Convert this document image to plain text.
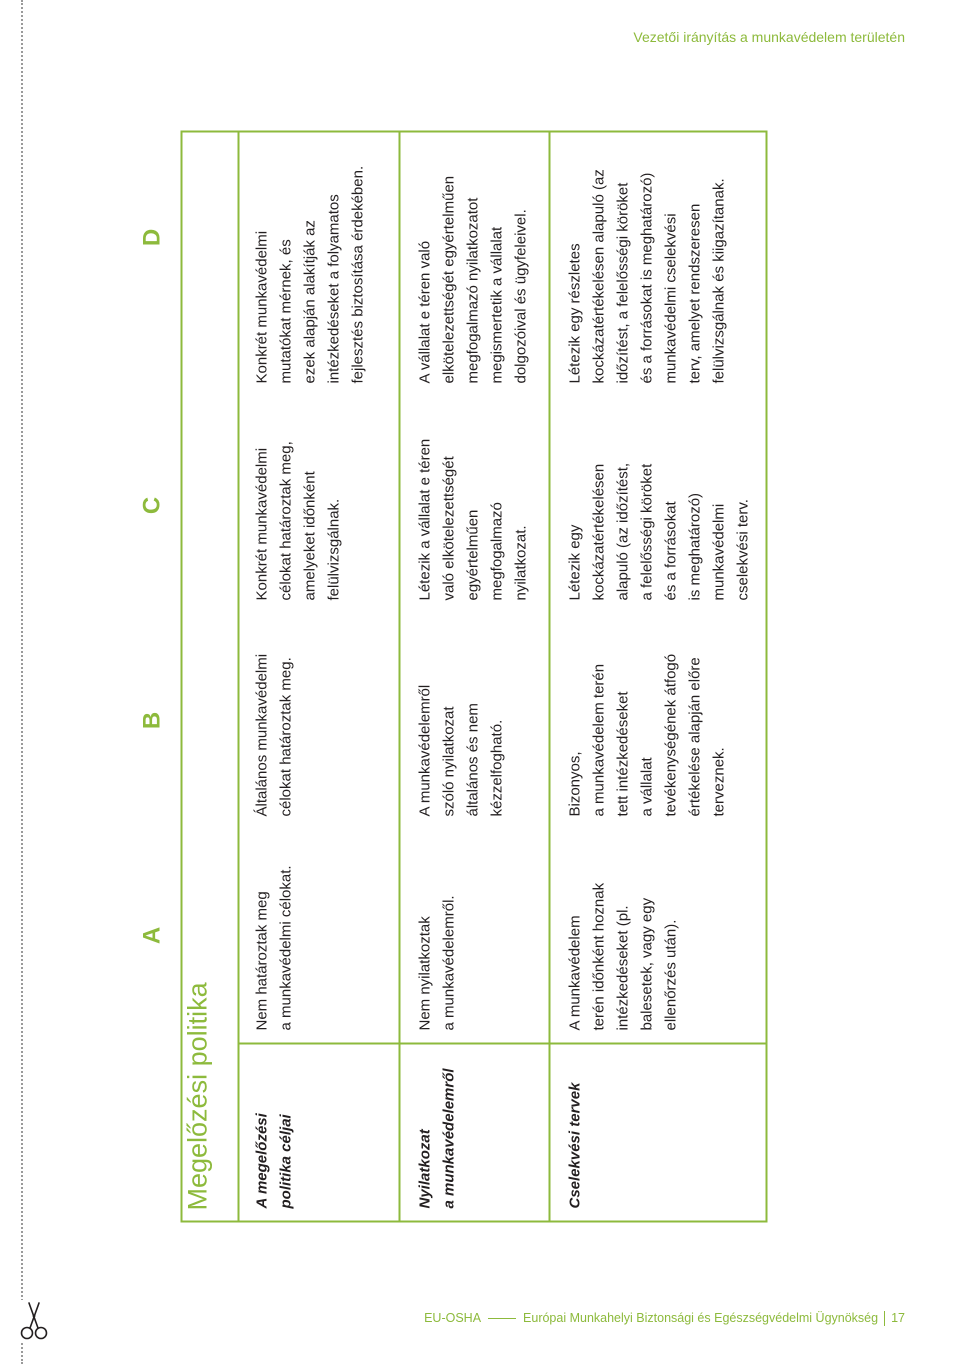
Vezetői irányítás a munkavédelem területén
A
B
C
D
Megelőzési politika	A megelőzési
politika céljai
Nem határoztak meg
a munkavédelmi célokat.
Általános munkavédelmi
célokat határoztak meg.
Konkrét munkavédelmi
célokat határoztak meg,
amelyeket időnként
felülvizsgálnak.
Konkrét munkavédelmi
mutatókat mérnek, és
ezek alapján alakítják az
intézkedéseket a folyamatos
fejlesztés biztosítása érdekében.
Nyilatkozat
a munkavédelemről
Nem nyilatkoztak
a munkavédelemről.
A munkavédelemről
szóló nyilatkozat
általános és nem
kézzelfogható.
Létezik a vállalat e téren
való elkötelezettségét
egyértelműen
megfogalmazó
nyilatkozat.
A vállalat e téren való
elkötelezettségét egyértelműen
megfogalmazó nyilatkozatot
megismertetik a vállalat
dolgozóival és ügyfeleivel.
Cselekvési tervek
A munkavédelem
terén időnként hoznak
intézkedéseket (pl.
balesetek, vagy egy
ellenőrzés után).
Bizonyos,
a munkavédelem terén
tett intézkedéseket
a vállalat
tevékenységének átfogó
értékelése alapján előre
terveznek.
Létezik egy
kockázatértékelésen
alapuló (az időzítést,
a felelősségi köröket
és a forrásokat
is meghatározó)
munkavédelmi
cselekvési terv.
Létezik egy részletes
kockázatértékelésen alapuló (az
időzítést, a felelősségi köröket
és a forrásokat is meghatározó)
munkavédelmi cselekvési
terv, amelyet rendszeresen
felülvizsgálnak és kiigazítanak.
EU-OSHA	Európai Munkahelyi Biztonsági és Egészségvédelmi Ügynökség 17
